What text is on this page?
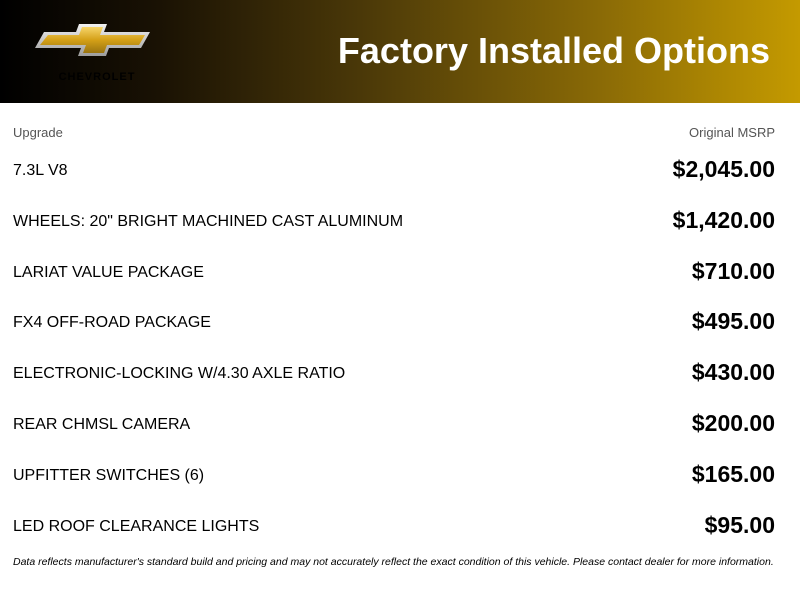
CHEVROLET
Factory Installed Options
Upgrade	Original MSRP
7.3L V8	$2,045.00
WHEELS: 20" BRIGHT MACHINED CAST ALUMINUM	$1,420.00
LARIAT VALUE PACKAGE	$710.00
FX4 OFF-ROAD PACKAGE	$495.00
ELECTRONIC-LOCKING W/4.30 AXLE RATIO	$430.00
REAR CHMSL CAMERA	$200.00
UPFITTER SWITCHES (6)	$165.00
LED ROOF CLEARANCE LIGHTS	$95.00
Data reflects manufacturer's standard build and pricing and may not accurately reflect the exact condition of this vehicle. Please contact dealer for more information.
